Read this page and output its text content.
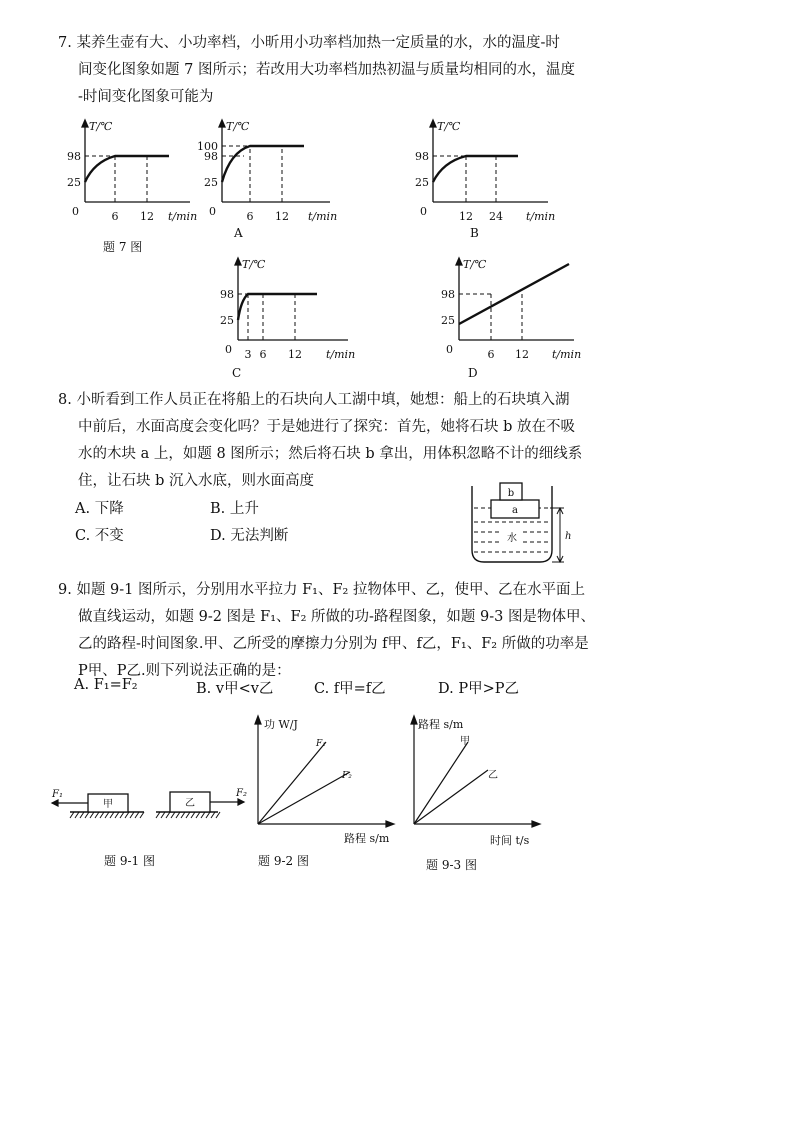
7. 某养生壶有大、小功率档，小昕用小功率档加热一定质量的水，水的温度-时

间变化图象如题 7 图所示；若改用大功率档加热初温与质量均相同的水，温度

-时间变化图象可能为

T/℃
t/min
0
98
25
6 12
题 7 图
T/℃
t/min
0
100
98
25
6 12
A
T/℃
t/min
0
98
25
12 24
B
T/℃
t/min
0
98
25
3 6 12
C
T/℃
t/min
0
98
25
6 12
D

8. 小昕看到工作人员正在将船上的石块向人工湖中填，她想：船上的石块填入湖

中前后，水面高度会变化吗？于是她进行了探究：首先，她将石块 b 放在不吸

水的木块 a 上，如题 8 图所示；然后将石块 b 拿出，用体积忽略不计的细线系

住，让石块 b 沉入水底，则水面高度

A. 下降	B. 上升
C. 不变	D. 无法判断
b
a
水	h

9. 如题 9-1 图所示，分别用水平拉力 F₁、F₂ 拉物体甲、乙，使甲、乙在水平面上

做直线运动，如题 9-2 图是 F₁、F₂ 所做的功-路程图象，如题 9-3 图是物体甲、

乙的路程-时间图象.甲、乙所受的摩擦力分别为 f甲、f乙，F₁、F₂ 所做的功率是

P甲、P乙.则下列说法正确的是：

A. F₁=F₂	B. v甲<v乙	C. f甲=f乙	D. P甲>P乙
甲
F₁
乙
F₂
题 9-1 图
功 W/J
路程 s/m
F₁
F₂
题 9-2 图
路程 s/m
时间 t/s
甲
乙
题 9-3 图
